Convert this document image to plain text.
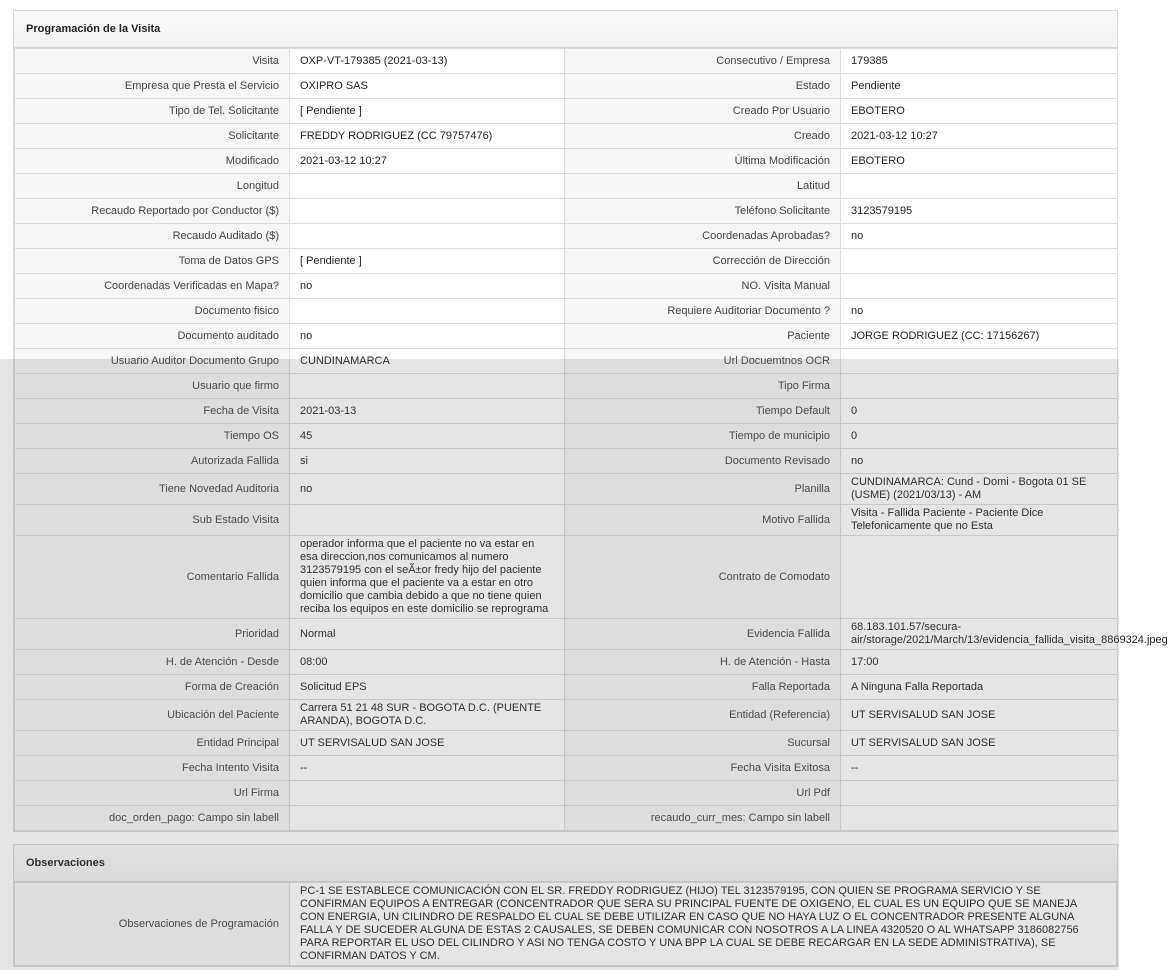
Programación de la Visita
Visita	OXP-VT-179385 (2021-03-13)	Consecutivo / Empresa	179385
Empresa que Presta el Servicio	OXIPRO SAS	Estado	Pendiente
Tipo de Tel. Solicitante	[ Pendiente ]	Creado Por Usuario	EBOTERO
Solicitante	FREDDY RODRIGUEZ (CC 79757476)	Creado	2021-03-12 10:27
Modificado	2021-03-12 10:27	Última Modificación	EBOTERO
Longitud		Latitud	
Recaudo Reportado por Conductor ($)		Teléfono Solicitante	3123579195
Recaudo Auditado ($)		Coordenadas Aprobadas?	no
Toma de Datos GPS	[ Pendiente ]	Corrección de Dirección	
Coordenadas Verificadas en Mapa?	no	NO. Visita Manual	
Documento fisico		Requiere Auditoriar Documento ?	no
Documento auditado	no	Paciente	JORGE RODRIGUEZ (CC: 17156267)
Usuario Auditor Documento Grupo	CUNDINAMARCA	Url Docuemtnos OCR	
Usuario que firmo		Tipo Firma	
Fecha de Visita	2021-03-13	Tiempo Default	0
Tiempo OS	45	Tiempo de municipio	0
Autorizada Fallida	si	Documento Revisado	no
Tiene Novedad Auditoria	no	Planilla	CUNDINAMARCA: Cund - Domi - Bogota 01 SE (USME) (2021/03/13) - AM
Sub Estado Visita		Motivo Fallida	Visita - Fallida Paciente - Paciente Dice Telefonicamente que no Esta
Comentario Fallida	operador informa que el paciente no va estar en esa direccion,nos comunicamos al numero 3123579195 con el seÃ±or fredy hijo del paciente quien informa que el paciente va a estar en otro domicilio que cambia debido a que no tiene quien reciba los equipos en este domicilio se reprograma	Contrato de Comodato	
Prioridad	Normal	Evidencia Fallida	68.183.101.57/secura-air/storage/2021/March/13/evidencia_fallida_visita_8869324.jpeg
H. de Atención - Desde	08:00	H. de Atención - Hasta	17:00
Forma de Creación	Solicitud EPS	Falla Reportada	A Ninguna Falla Reportada
Ubicación del Paciente	Carrera 51 21 48 SUR - BOGOTA D.C. (PUENTE ARANDA), BOGOTA D.C.	Entidad (Referencia)	UT SERVISALUD SAN JOSE
Entidad Principal	UT SERVISALUD SAN JOSE	Sucursal	UT SERVISALUD SAN JOSE
Fecha Intento Visita	--	Fecha Visita Exitosa	--
Url Firma		Url Pdf	
doc_orden_pago: Campo sin labell		recaudo_curr_mes: Campo sin labell	
Observaciones
Observaciones de Programación	PC-1 SE ESTABLECE COMUNICACIÓN CON EL SR. FREDDY RODRIGUEZ (HIJO) TEL 3123579195, CON QUIEN SE PROGRAMA SERVICIO Y SE CONFIRMAN EQUIPOS A ENTREGAR (CONCENTRADOR QUE SERA SU PRINCIPAL FUENTE DE OXIGENO, EL CUAL ES UN EQUIPO QUE SE MANEJA CON ENERGIA, UN CILINDRO DE RESPALDO EL CUAL SE DEBE UTILIZAR EN CASO QUE NO HAYA LUZ O EL CONCENTRADOR PRESENTE ALGUNA FALLA Y DE SUCEDER ALGUNA DE ESTAS 2 CAUSALES, SE DEBEN COMUNICAR CON NOSOTROS A LA LINEA 4320520 O AL WHATSAPP 3186082756 PARA REPORTAR EL USO DEL CILINDRO Y ASI NO TENGA COSTO Y UNA BPP LA CUAL SE DEBE RECARGAR EN LA SEDE ADMINISTRATIVA), SE CONFIRMAN DATOS Y CM.
